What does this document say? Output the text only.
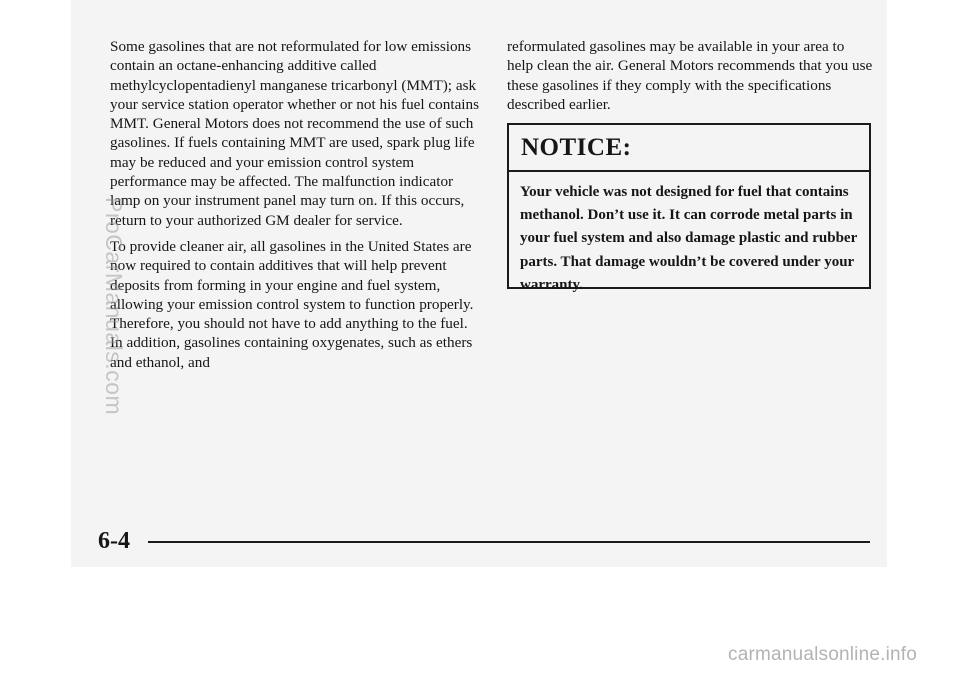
Some gasolines that are not reformulated for low emissions contain an octane-enhancing additive called methylcyclopentadienyl manganese tricarbonyl (MMT); ask your service station operator whether or not his fuel contains MMT. General Motors does not recommend the use of such gasolines. If fuels containing MMT are used, spark plug life may be reduced and your emission control system performance may be affected. The malfunction indicator lamp on your instrument panel may turn on. If this occurs, return to your authorized GM dealer for service.

To provide cleaner air, all gasolines in the United States are now required to contain additives that will help prevent deposits from forming in your engine and fuel system, allowing your emission control system to function properly. Therefore, you should not have to add anything to the fuel. In addition, gasolines containing oxygenates, such as ethers and ethanol, and

reformulated gasolines may be available in your area to help clean the air. General Motors recommends that you use these gasolines if they comply with the specifications described earlier.

NOTICE:
Your vehicle was not designed for fuel that contains methanol. Don’t use it. It can corrode metal parts in your fuel system and also damage plastic and rubber parts. That damage wouldn’t be covered under your warranty.
6-4
ProCarManuals.com
carmanualsonline.info
